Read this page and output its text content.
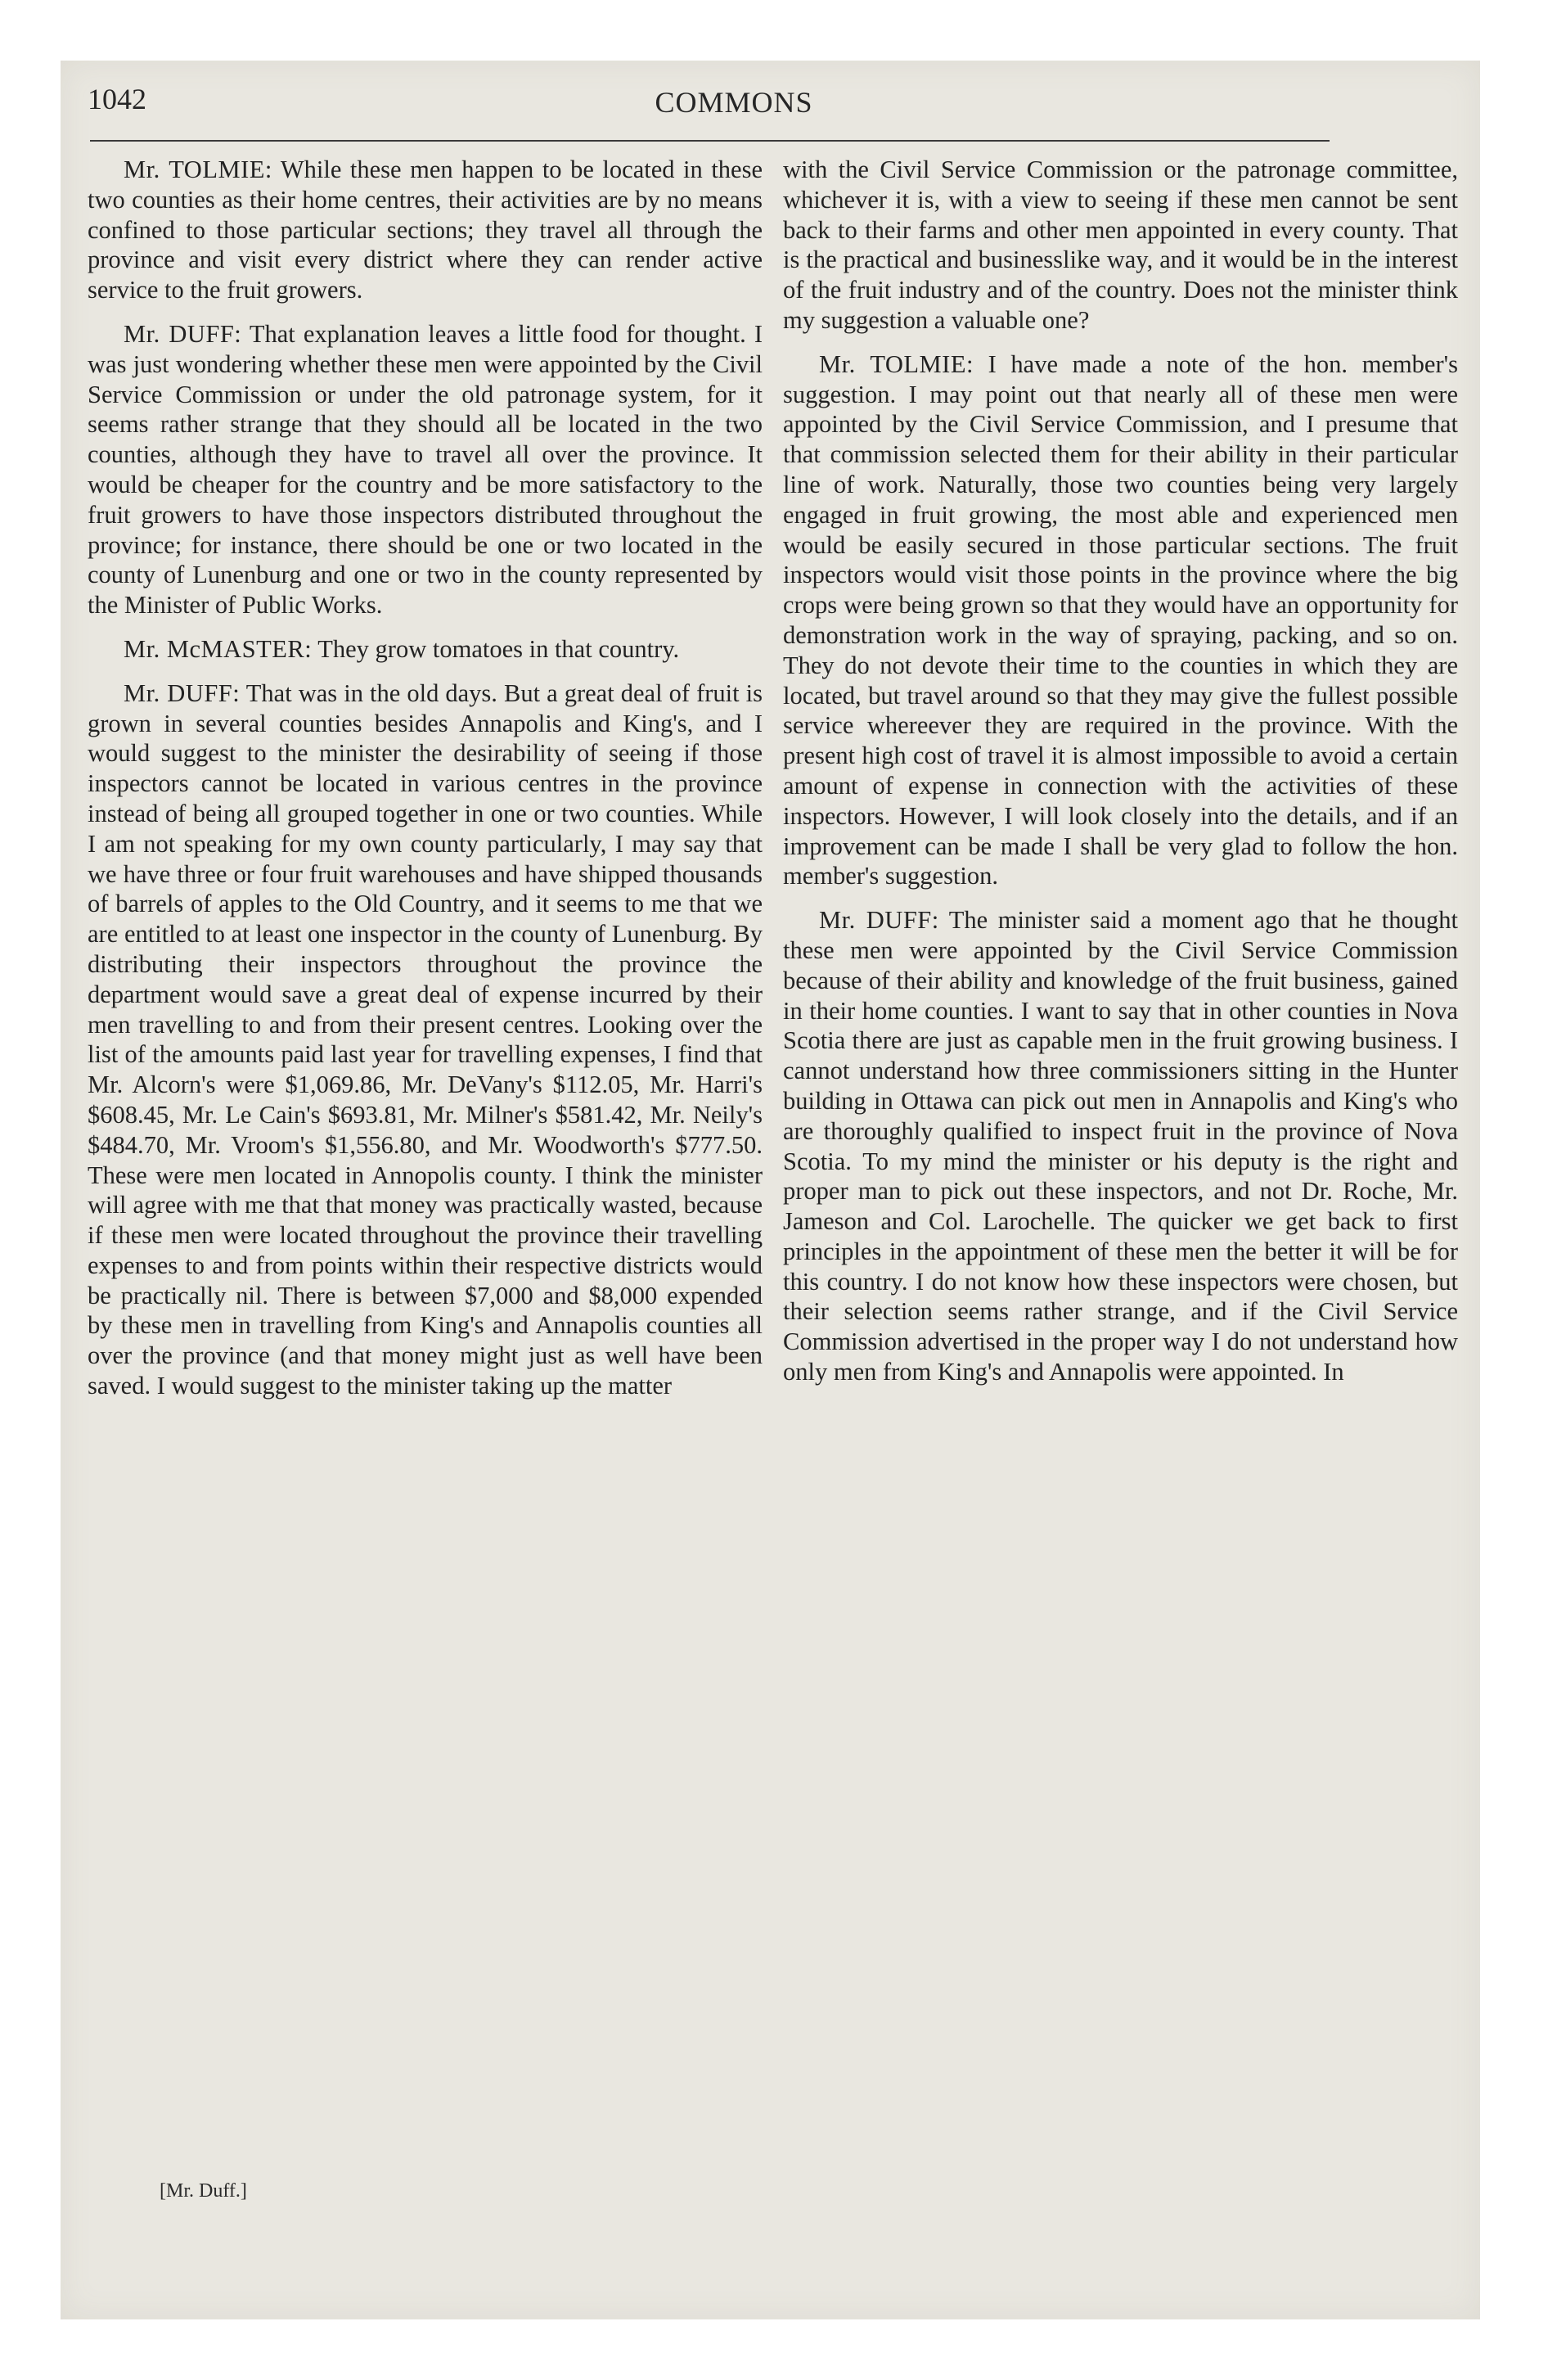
1042	COMMONS

Mr. TOLMIE: While these men happen to be located in these two counties as their home centres, their activities are by no means confined to those particular sections; they travel all through the province and visit every district where they can render active service to the fruit growers.

Mr. DUFF: That explanation leaves a little food for thought. I was just wondering whether these men were appointed by the Civil Service Commission or under the old patronage system, for it seems rather strange that they should all be located in the two counties, although they have to travel all over the province. It would be cheaper for the country and be more satisfactory to the fruit growers to have those inspectors distributed throughout the province; for instance, there should be one or two located in the county of Lunenburg and one or two in the county represented by the Minister of Public Works.

Mr. McMASTER: They grow tomatoes in that country.

Mr. DUFF: That was in the old days. But a great deal of fruit is grown in several counties besides Annapolis and King's, and I would suggest to the minister the desirability of seeing if those inspectors cannot be located in various centres in the province instead of being all grouped together in one or two counties. While I am not speaking for my own county particularly, I may say that we have three or four fruit warehouses and have shipped thousands of barrels of apples to the Old Country, and it seems to me that we are entitled to at least one inspector in the county of Lunenburg. By distributing their inspectors throughout the province the department would save a great deal of expense incurred by their men travelling to and from their present centres. Looking over the list of the amounts paid last year for travelling expenses, I find that Mr. Alcorn's were $1,069.86, Mr. DeVany's $112.05, Mr. Harri's $608.45, Mr. Le Cain's $693.81, Mr. Milner's $581.42, Mr. Neily's $484.70, Mr. Vroom's $1,556.80, and Mr. Woodworth's $777.50. These were men located in Annopolis county. I think the minister will agree with me that that money was practically wasted, because if these men were located throughout the province their travelling expenses to and from points within their respective districts would be practically nil. There is between $7,000 and $8,000 expended by these men in travelling from King's and Annapolis counties all over the province (and that money might just as well have been saved. I would suggest to the minister taking up the matter

with the Civil Service Commission or the patronage committee, whichever it is, with a view to seeing if these men cannot be sent back to their farms and other men appointed in every county. That is the practical and businesslike way, and it would be in the interest of the fruit industry and of the country. Does not the minister think my suggestion a valuable one?

Mr. TOLMIE: I have made a note of the hon. member's suggestion. I may point out that nearly all of these men were appointed by the Civil Service Commission, and I presume that that commission selected them for their ability in their particular line of work. Naturally, those two counties being very largely engaged in fruit growing, the most able and experienced men would be easily secured in those particular sections. The fruit inspectors would visit those points in the province where the big crops were being grown so that they would have an opportunity for demonstration work in the way of spraying, packing, and so on. They do not devote their time to the counties in which they are located, but travel around so that they may give the fullest possible service whereever they are required in the province. With the present high cost of travel it is almost impossible to avoid a certain amount of expense in connection with the activities of these inspectors. However, I will look closely into the details, and if an improvement can be made I shall be very glad to follow the hon. member's suggestion.

Mr. DUFF: The minister said a moment ago that he thought these men were appointed by the Civil Service Commission because of their ability and knowledge of the fruit business, gained in their home counties. I want to say that in other counties in Nova Scotia there are just as capable men in the fruit growing business. I cannot understand how three commissioners sitting in the Hunter building in Ottawa can pick out men in Annapolis and King's who are thoroughly qualified to inspect fruit in the province of Nova Scotia. To my mind the minister or his deputy is the right and proper man to pick out these inspectors, and not Dr. Roche, Mr. Jameson and Col. Larochelle. The quicker we get back to first principles in the appointment of these men the better it will be for this country. I do not know how these inspectors were chosen, but their selection seems rather strange, and if the Civil Service Commission advertised in the proper way I do not understand how only men from King's and Annapolis were appointed. In

[Mr. Duff.]
